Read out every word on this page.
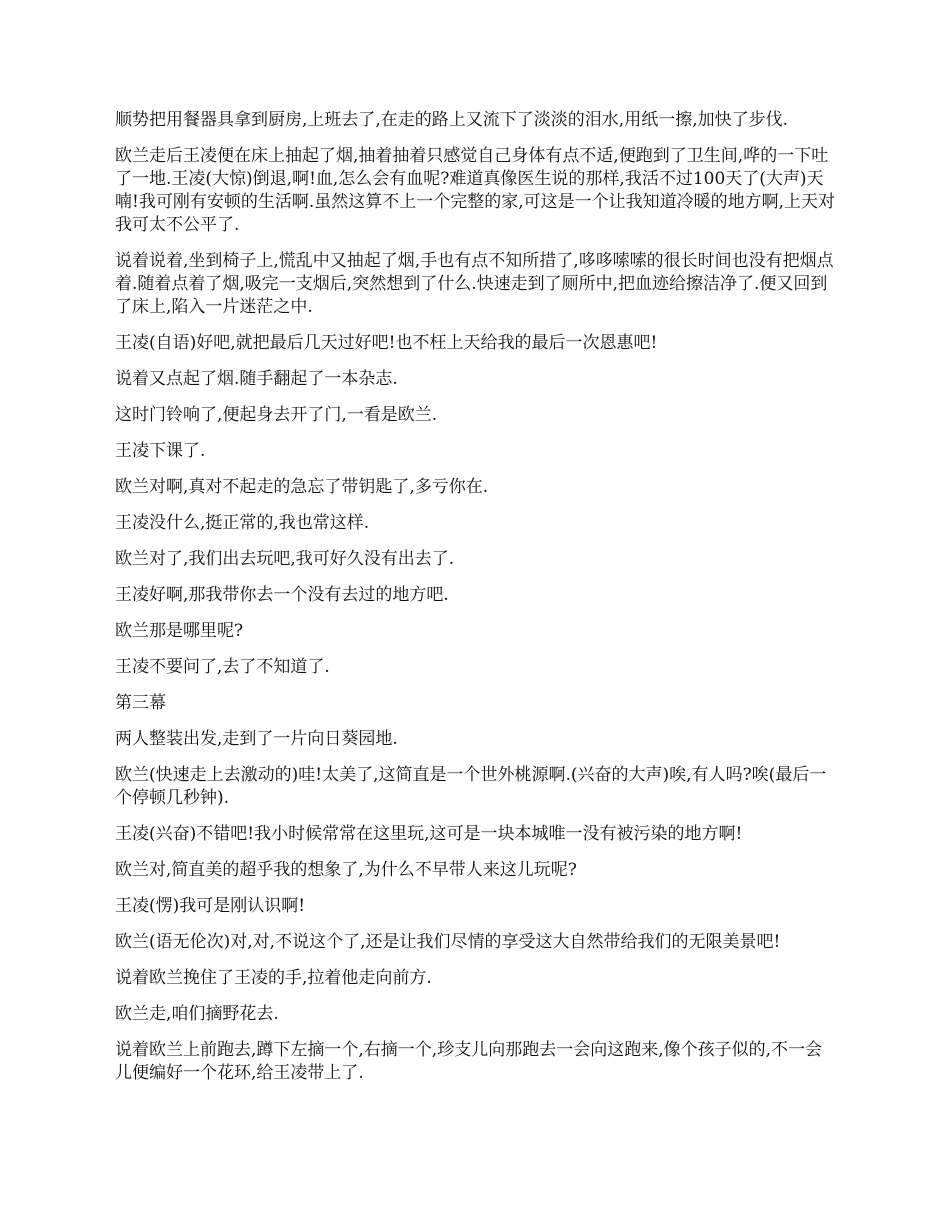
顺势把用餐器具拿到厨房,上班去了,在走的路上又流下了淡淡的泪水,用纸一擦,加快了步伐.

欧兰走后王凌便在床上抽起了烟,抽着抽着只感觉自己身体有点不适,便跑到了卫生间,哗的一下吐了一地.王凌(大惊)倒退,啊!血,怎么会有血呢?难道真像医生说的那样,我活不过100天了(大声)天喃!我可刚有安顿的生活啊.虽然这算不上一个完整的家,可这是一个让我知道冷暖的地方啊,上天对我可太不公平了.

说着说着,坐到椅子上,慌乱中又抽起了烟,手也有点不知所措了,哆哆嗦嗦的很长时间也没有把烟点着.随着点着了烟,吸完一支烟后,突然想到了什么.快速走到了厕所中,把血迹给擦洁净了.便又回到了床上,陷入一片迷茫之中.

王凌(自语)好吧,就把最后几天过好吧!也不枉上天给我的最后一次恩惠吧!

说着又点起了烟.随手翻起了一本杂志.

这时门铃响了,便起身去开了门,一看是欧兰.

王凌下课了.

欧兰对啊,真对不起走的急忘了带钥匙了,多亏你在.

王凌没什么,挺正常的,我也常这样.

欧兰对了,我们出去玩吧,我可好久没有出去了.

王凌好啊,那我带你去一个没有去过的地方吧.

欧兰那是哪里呢?

王凌不要问了,去了不知道了.

第三幕

两人整装出发,走到了一片向日葵园地.

欧兰(快速走上去激动的)哇!太美了,这简直是一个世外桃源啊.(兴奋的大声)唉,有人吗?唉(最后一个停顿几秒钟).

王凌(兴奋)不错吧!我小时候常常在这里玩,这可是一块本城唯一没有被污染的地方啊!

欧兰对,简直美的超乎我的想象了,为什么不早带人来这儿玩呢?

王凌(愣)我可是刚认识啊!

欧兰(语无伦次)对,对,不说这个了,还是让我们尽情的享受这大自然带给我们的无限美景吧!

说着欧兰挽住了王凌的手,拉着他走向前方.

欧兰走,咱们摘野花去.

说着欧兰上前跑去,蹲下左摘一个,右摘一个,珍支儿向那跑去一会向这跑来,像个孩子似的,不一会儿便编好一个花环,给王凌带上了.
